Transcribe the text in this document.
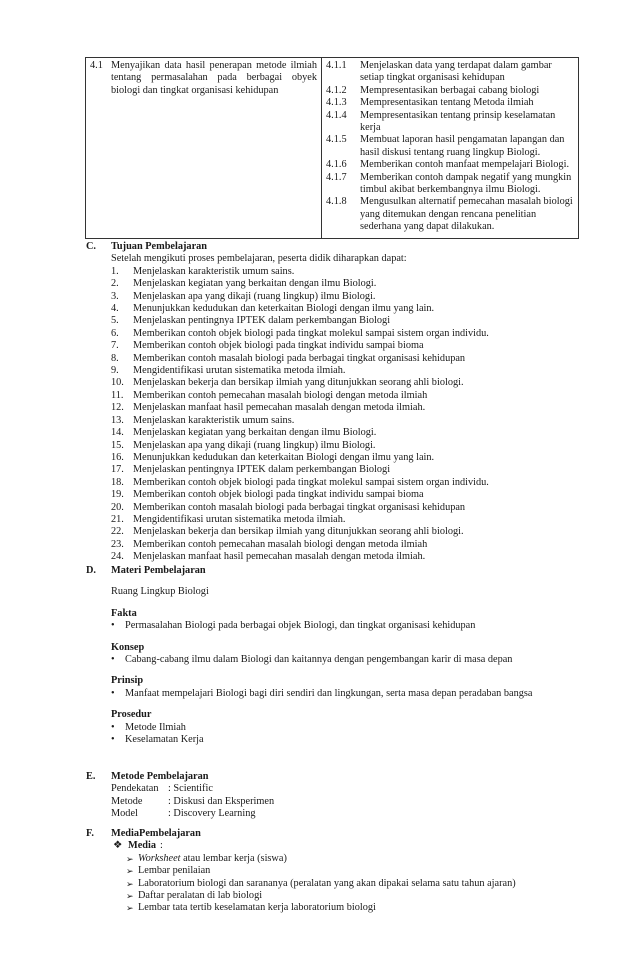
4.1 Menyajikan data hasil penerapan metode ilmiah tentang permasalahan pada berbagai obyek biologi dan tingkat organisasi kehidupan

4.1.1	Menjelaskan data yang terdapat dalam gambar setiap tingkat organisasi kehidupan
4.1.2	Mempresentasikan berbagai cabang biologi
4.1.3	Mempresentasikan tentang Metoda ilmiah
4.1.4	Mempresentasikan tentang prinsip keselamatan kerja
4.1.5	Membuat laporan hasil pengamatan lapangan dan hasil diskusi tentang ruang lingkup Biologi.
4.1.6	Memberikan contoh manfaat mempelajari Biologi.
4.1.7	Memberikan contoh dampak negatif yang mungkin timbul akibat berkembangnya ilmu Biologi.
4.1.8	Mengusulkan alternatif pemecahan masalah biologi yang ditemukan dengan rencana penelitian sederhana yang dapat dilakukan.
C. Tujuan Pembelajaran
Setelah mengikuti proses pembelajaran, peserta didik diharapkan dapat:
1.	Menjelaskan karakteristik umum sains.
2.	Menjelaskan kegiatan yang berkaitan dengan ilmu Biologi.
3.	Menjelaskan apa yang dikaji (ruang lingkup) ilmu Biologi.
4.	Menunjukkan kedudukan dan keterkaitan Biologi dengan ilmu yang lain.
5.	Menjelaskan pentingnya IPTEK dalam perkembangan Biologi
6.	Memberikan contoh objek biologi pada tingkat molekul sampai sistem organ individu.
7.	Memberikan contoh objek biologi pada tingkat individu sampai bioma
8.	Memberikan contoh masalah biologi pada berbagai tingkat organisasi kehidupan
9.	Mengidentifikasi urutan sistematika metoda ilmiah.
10. Menjelaskan bekerja dan bersikap ilmiah yang ditunjukkan seorang ahli biologi.
11. Memberikan contoh pemecahan masalah biologi dengan metoda ilmiah
12. Menjelaskan manfaat hasil pemecahan masalah dengan metoda ilmiah.
13. Menjelaskan karakteristik umum sains.
14. Menjelaskan kegiatan yang berkaitan dengan ilmu Biologi.
15. Menjelaskan apa yang dikaji (ruang lingkup) ilmu Biologi.
16. Menunjukkan kedudukan dan keterkaitan Biologi dengan ilmu yang lain.
17. Menjelaskan pentingnya IPTEK dalam perkembangan Biologi
18. Memberikan contoh objek biologi pada tingkat molekul sampai sistem organ individu.
19. Memberikan contoh objek biologi pada tingkat individu sampai bioma
20. Memberikan contoh masalah biologi pada berbagai tingkat organisasi kehidupan
21. Mengidentifikasi urutan sistematika metoda ilmiah.
22. Menjelaskan bekerja dan bersikap ilmiah yang ditunjukkan seorang ahli biologi.
23. Memberikan contoh pemecahan masalah biologi dengan metoda ilmiah
24. Menjelaskan manfaat hasil pemecahan masalah dengan metoda ilmiah.
D. Materi Pembelajaran
Ruang Lingkup Biologi
Fakta
•	Permasalahan Biologi pada berbagai objek Biologi, dan tingkat organisasi kehidupan
Konsep
•	Cabang-cabang ilmu dalam Biologi dan kaitannya dengan pengembangan karir di masa depan
Prinsip
•	Manfaat mempelajari Biologi bagi diri sendiri dan lingkungan, serta masa depan peradaban bangsa
Prosedur
•	Metode Ilmiah
•	Keselamatan Kerja
E. Metode Pembelajaran
Pendekatan : Scientific
Metode	: Diskusi dan Eksperimen
Model	: Discovery Learning
F. MediaPembelajaran
❖ Media :
➢ Worksheet atau lembar kerja (siswa)
➢ Lembar penilaian
➢ Laboratorium biologi dan sarananya (peralatan yang akan dipakai selama satu tahun ajaran)
➢ Daftar peralatan di lab biologi
➢ Lembar tata tertib keselamatan kerja laboratorium biologi
